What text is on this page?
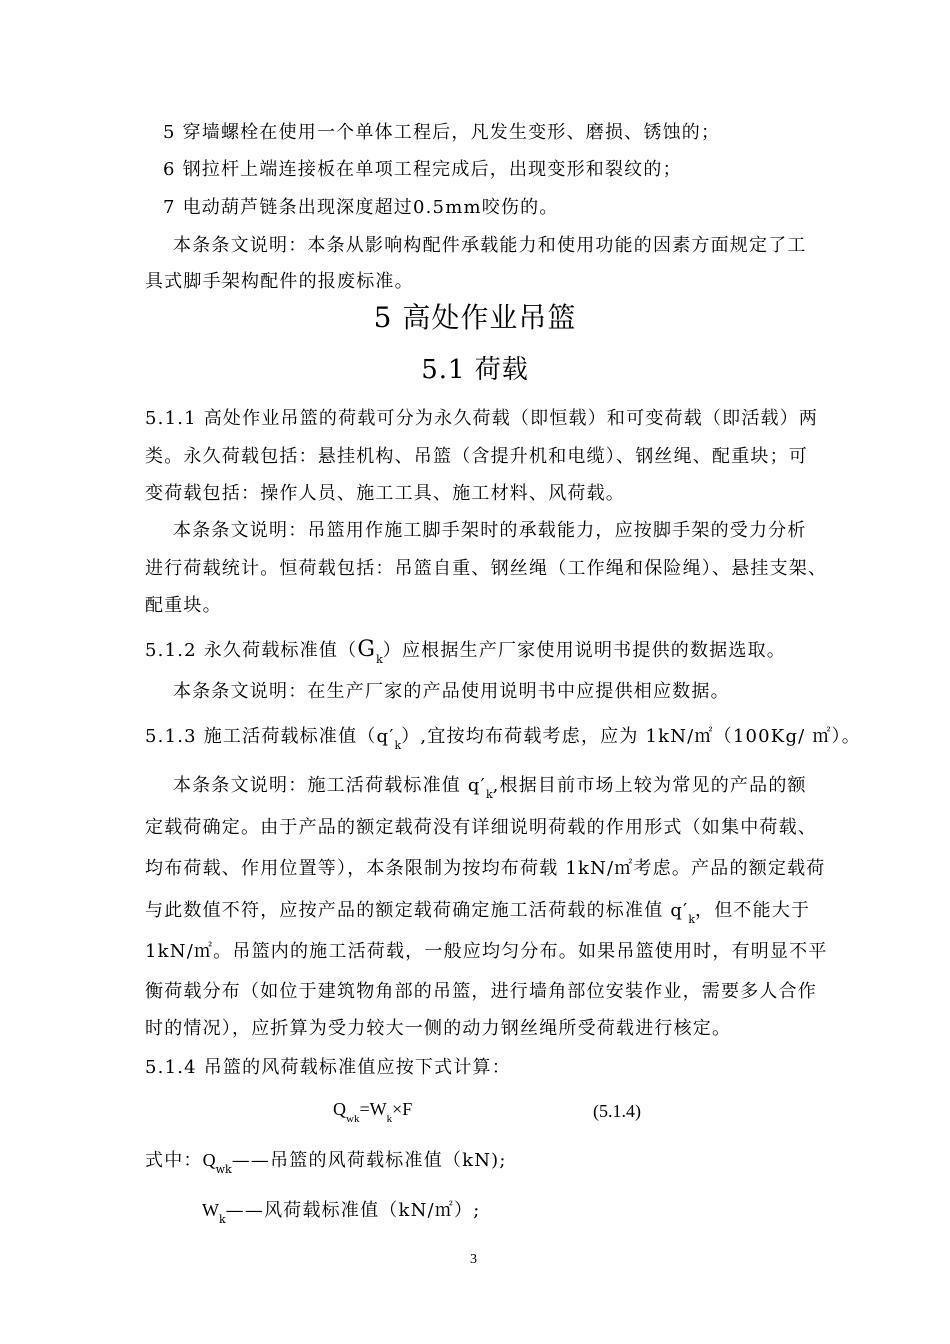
5 穿墙螺栓在使用一个单体工程后，凡发生变形、磨损、锈蚀的；
6 钢拉杆上端连接板在单项工程完成后，出现变形和裂纹的；
7 电动葫芦链条出现深度超过0.5mm咬伤的。
本条条文说明：本条从影响构配件承载能力和使用功能的因素方面规定了工
具式脚手架构配件的报废标准。
5 高处作业吊篮
5.1 荷载
5.1.1 高处作业吊篮的荷载可分为永久荷载（即恒载）和可变荷载（即活载）两
类。永久荷载包括：悬挂机构、吊篮（含提升机和电缆）、钢丝绳、配重块；可
变荷载包括：操作人员、施工工具、施工材料、风荷载。
本条条文说明：吊篮用作施工脚手架时的承载能力，应按脚手架的受力分析
进行荷载统计。恒荷载包括：吊篮自重、钢丝绳（工作绳和保险绳）、悬挂支架、
配重块。
5.1.2 永久荷载标准值$(G_k)$应根据生产厂家使用说明书提供的数据选取。
本条条文说明：在生产厂家的产品使用说明书中应提供相应数据。
5.1.3 施工活荷载标准值$(q'_k)$,宜按均布荷载考虑，应为 1kN/㎡（100Kg/ ㎡）。
本条条文说明：施工活荷载标准值 $q'_k$,根据目前市场上较为常见的产品的额
定载荷确定。由于产品的额定载荷没有详细说明荷载的作用形式（如集中荷载、
均布荷载、作用位置等），本条限制为按均布荷载 1kN/㎡考虑。产品的额定载荷
与此数值不符，应按产品的额定载荷确定施工活荷载的标准值 $q'_k$，但不能大于
1kN/㎡。吊篮内的施工活荷载，一般应均匀分布。如果吊篮使用时，有明显不平
衡荷载分布（如位于建筑物角部的吊篮，进行墙角部位安装作业，需要多人合作
时的情况），应折算为受力较大一侧的动力钢丝绳所受荷载进行核定。
5.1.4 吊篮的风荷载标准值应按下式计算：
$Q_{wk}=W_k\times F$	(5.1.4)
式中：$Q_{wk}——$吊篮的风荷载标准值（kN);
$W_k——$风荷载标准值（kN/㎡）;
3
